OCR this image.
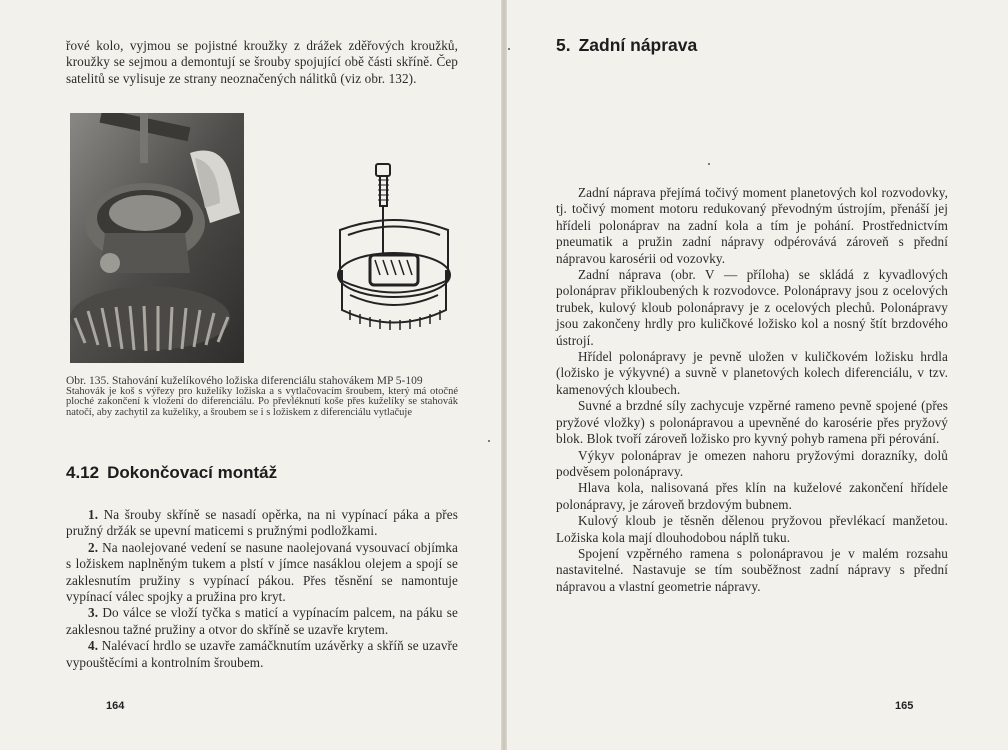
řové kolo, vyjmou se pojistné kroužky z drážek zděřových kroužků, kroužky se sejmou a demontují se šrouby spojující obě části skříně. Čep satelitů se vylisuje ze strany neoznačených nálitků (viz obr. 132).

Obr. 135. Stahování kuželíkového ložiska diferenciálu stahovákem MP 5-109
Stahovák je koš s výřezy pro kuželíky ložiska a s vytlačovacím šroubem, který má otočné ploché zakončení k vložení do diferenciálu. Po převléknutí koše přes kuželíky se stahovák natočí, aby zachytil za kuželíky, a šroubem se i s ložiskem z diferenciálu vytlačuje
4.12 Dokončovací montáž

1. Na šrouby skříně se nasadí opěrka, na ni vypínací páka a přes pružný držák se upevní maticemi s pružnými podložkami.

2. Na naolejované vedení se nasune naolejovaná vysouvací objímka s ložiskem naplněným tukem a plstí v jímce nasáklou olejem a spojí se zaklesnutím pružiny s vypínací pákou. Přes těsnění se namontuje vypínací válec spojky a pružina pro kryt.

3. Do válce se vloží tyčka s maticí a vypínacím palcem, na páku se zaklesnou tažné pružiny a otvor do skříně se uzavře krytem.

4. Nalévací hrdlo se uzavře zamáčknutím uzávěrky a skříň se uzavře vypouštěcími a kontrolním šroubem.

164
5. Zadní náprava

Zadní náprava přejímá točivý moment planetových kol rozvodovky, tj. točivý moment motoru redukovaný převodným ústrojím, přenáší jej hřídeli polonáprav na zadní kola a tím je pohání. Prostřednictvím pneumatik a pružin zadní nápravy odpérovává zároveň s přední nápravou karosérii od vozovky.

Zadní náprava (obr. V — příloha) se skládá z kyvadlových polonáprav přikloubených k rozvodovce. Polonápravy jsou z ocelových trubek, kulový kloub polonápravy je z ocelových plechů. Polonápravy jsou zakončeny hrdly pro kuličkové ložisko kol a nosný štít brzdového ústrojí.

Hřídel polonápravy je pevně uložen v kuličkovém ložisku hrdla (ložisko je výkyvné) a suvně v planetových kolech diferenciálu, v tzv. kamenových kloubech.

Suvné a brzdné síly zachycuje vzpěrné rameno pevně spojené (přes pryžové vložky) s polonápravou a upevněné do karosérie přes pryžový blok. Blok tvoří zároveň ložisko pro kyvný pohyb ramena při pérování.

Výkyv polonáprav je omezen nahoru pryžovými dorazníky, dolů podvěsem polonápravy.

Hlava kola, nalisovaná přes klín na kuželové zakončení hřídele polonápravy, je zároveň brzdovým bubnem.

Kulový kloub je těsněn dělenou pryžovou převlékací manžetou. Ložiska kola mají dlouhodobou náplň tuku.

Spojení vzpěrného ramena s polonápravou je v malém rozsahu nastavitelné. Nastavuje se tím souběžnost zadní nápravy s přední nápravou a vlastní geometrie nápravy.

165
